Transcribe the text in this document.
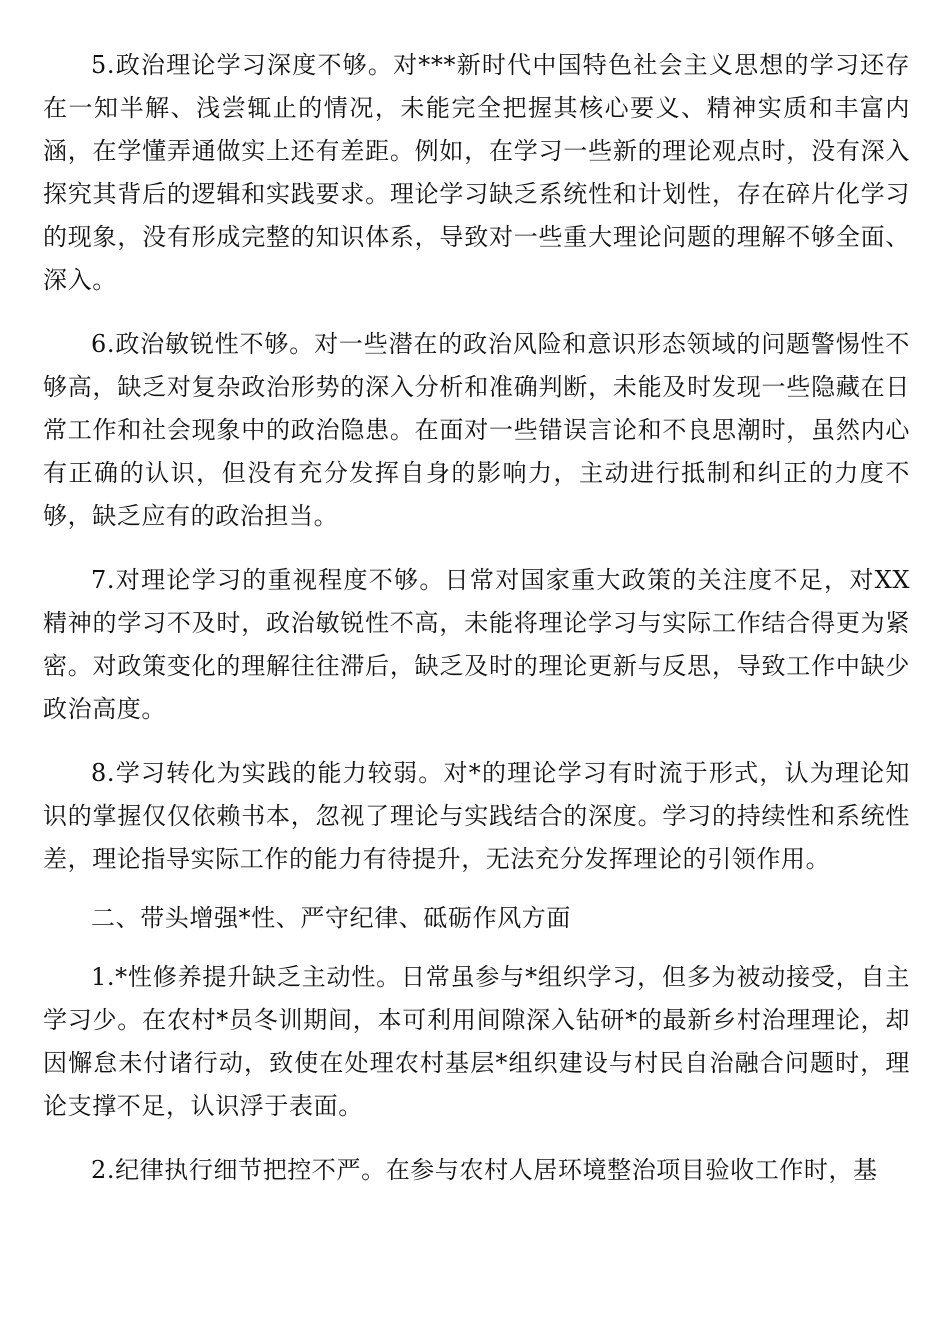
5.政治理论学习深度不够。对***新时代中国特色社会主义思想的学习还存在一知半解、浅尝辄止的情况，未能完全把握其核心要义、精神实质和丰富内涵，在学懂弄通做实上还有差距。例如，在学习一些新的理论观点时，没有深入探究其背后的逻辑和实践要求。理论学习缺乏系统性和计划性，存在碎片化学习的现象，没有形成完整的知识体系，导致对一些重大理论问题的理解不够全面、深入。

6.政治敏锐性不够。对一些潜在的政治风险和意识形态领域的问题警惕性不够高，缺乏对复杂政治形势的深入分析和准确判断，未能及时发现一些隐藏在日常工作和社会现象中的政治隐患。在面对一些错误言论和不良思潮时，虽然内心有正确的认识，但没有充分发挥自身的影响力，主动进行抵制和纠正的力度不够，缺乏应有的政治担当。

7.对理论学习的重视程度不够。日常对国家重大政策的关注度不足，对XX精神的学习不及时，政治敏锐性不高，未能将理论学习与实际工作结合得更为紧密。对政策变化的理解往往滞后，缺乏及时的理论更新与反思，导致工作中缺少政治高度。

8.学习转化为实践的能力较弱。对*的理论学习有时流于形式，认为理论知识的掌握仅仅依赖书本，忽视了理论与实践结合的深度。学习的持续性和系统性差，理论指导实际工作的能力有待提升，无法充分发挥理论的引领作用。

二、带头增强*性、严守纪律、砥砺作风方面

1.*性修养提升缺乏主动性。日常虽参与*组织学习，但多为被动接受，自主学习少。在农村*员冬训期间，本可利用间隙深入钻研*的最新乡村治理理论，却因懈怠未付诸行动，致使在处理农村基层*组织建设与村民自治融合问题时，理论支撑不足，认识浮于表面。

2.纪律执行细节把控不严。在参与农村人居环境整治项目验收工作时，基
